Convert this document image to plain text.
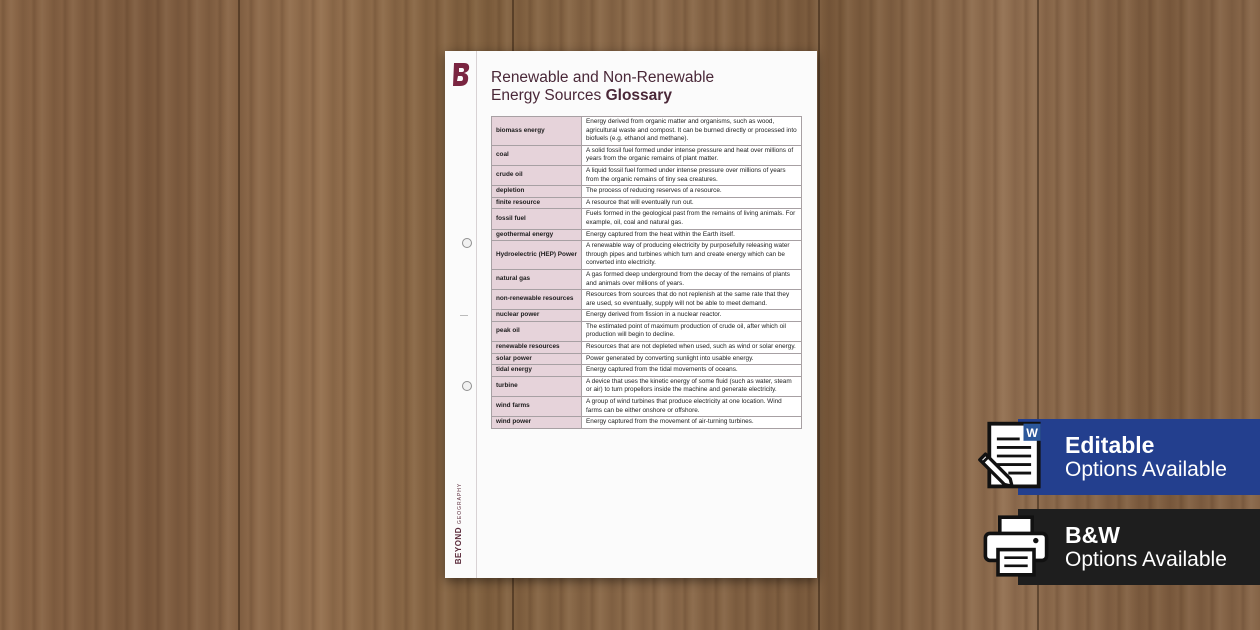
BEYONDGEOGRAPHY
Renewable and Non-Renewable
Energy Sources Glossary
biomass energy	Energy derived from organic matter and organisms, such as wood, agricultural waste and compost. It can be burned directly or processed into biofuels (e.g. ethanol and methane).
coal	A solid fossil fuel formed under intense pressure and heat over millions of years from the organic remains of plant matter.
crude oil	A liquid fossil fuel formed under intense pressure over millions of years from the organic remains of tiny sea creatures.
depletion	The process of reducing reserves of a resource.
finite resource	A resource that will eventually run out.
fossil fuel	Fuels formed in the geological past from the remains of living animals. For example, oil, coal and natural gas.
geothermal energy	Energy captured from the heat within the Earth itself.
Hydroelectric (HEP) Power	A renewable way of producing electricity by purposefully releasing water through pipes and turbines which turn and create energy which can be converted into electricity.
natural gas	A gas formed deep underground from the decay of the remains of plants and animals over millions of years.
non-renewable resources	Resources from sources that do not replenish at the same rate that they are used, so eventually, supply will not be able to meet demand.
nuclear power	Energy derived from fission in a nuclear reactor.
peak oil	The estimated point of maximum production of crude oil, after which oil production will begin to decline.
renewable resources	Resources that are not depleted when used, such as wind or solar energy.
solar power	Power generated by converting sunlight into usable energy.
tidal energy	Energy captured from the tidal movements of oceans.
turbine	A device that uses the kinetic energy of some fluid (such as water, steam or air) to turn propellors inside the machine and generate electricity.
wind farms	A group of wind turbines that produce electricity at one location. Wind farms can be either onshore or offshore.
wind power	Energy captured from the movement of air-turning turbines.
Editable
Options Available
W
B&W
Options Available
